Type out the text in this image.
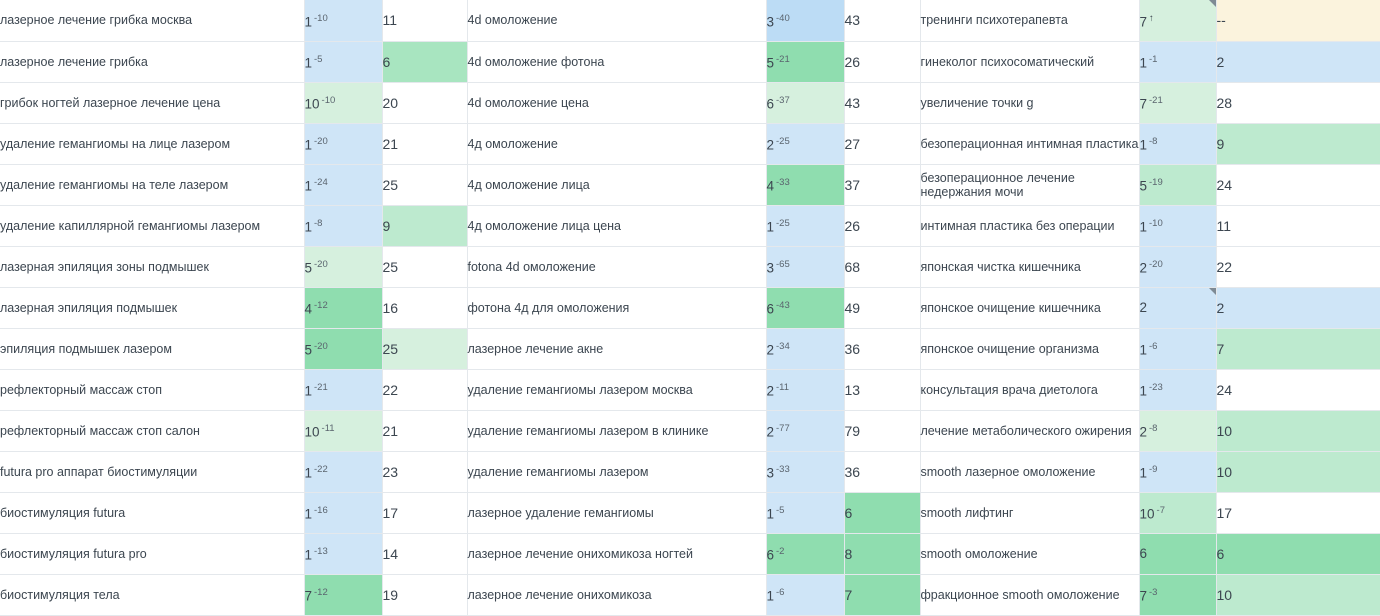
лазерное лечение грибка москва	1 $^{-10}$	11	4d омоложение	3 $^{-40}$	43	тренинги психотерапевта	7 ↑	--
лазерное лечение грибка	1 $^{-5}$	6	4d омоложение фотона	5 $^{-21}$	26	гинеколог психосоматический	1 $^{-1}$	2
грибок ногтей лазерное лечение цена	10 $^{-10}$	20	4d омоложение цена	6 $^{-37}$	43	увеличение точки g	7 $^{-21}$	28
удаление гемангиомы на лице лазером	1 $^{-20}$	21	4д омоложение	2 $^{-25}$	27	безоперационная интимная пластика	1 $^{-8}$	9
удаление гемангиомы на теле лазером	1 $^{-24}$	25	4д омоложение лица	4 $^{-33}$	37	безоперационное лечение недержания мочи	5 $^{-19}$	24
удаление капиллярной гемангиомы лазером	1 $^{-8}$	9	4д омоложение лица цена	1 $^{-25}$	26	интимная пластика без операции	1 $^{-10}$	11
лазерная эпиляция зоны подмышек	5 $^{-20}$	25	fotona 4d омоложение	3 $^{-65}$	68	японская чистка кишечника	2 $^{-20}$	22
лазерная эпиляция подмышек	4 $^{-12}$	16	фотона 4д для омоложения	6 $^{-43}$	49	японское очищение кишечника	2	2
эпиляция подмышек лазером	5 $^{-20}$	25	лазерное лечение акне	2 $^{-34}$	36	японское очищение организма	1 $^{-6}$	7
рефлекторный массаж стоп	1 $^{-21}$	22	удаление гемангиомы лазером москва	2 $^{-11}$	13	консультация врача диетолога	1 $^{-23}$	24
рефлекторный массаж стоп салон	10 $^{-11}$	21	удаление гемангиомы лазером в клинике	2 $^{-77}$	79	лечение метаболического ожирения	2 $^{-8}$	10
futura pro аппарат биостимуляции	1 $^{-22}$	23	удаление гемангиомы лазером	3 $^{-33}$	36	smooth лазерное омоложение	1 $^{-9}$	10
биостимуляция futura	1 $^{-16}$	17	лазерное удаление гемангиомы	1 $^{-5}$	6	smooth лифтинг	10 $^{-7}$	17
биостимуляция futura pro	1 $^{-13}$	14	лазерное лечение онихомикоза ногтей	6 $^{-2}$	8	smooth омоложение	6	6
биостимуляция тела	7 $^{-12}$	19	лазерное лечение онихомикоза	1 $^{-6}$	7	фракционное smooth омоложение	7 $^{-3}$	10
